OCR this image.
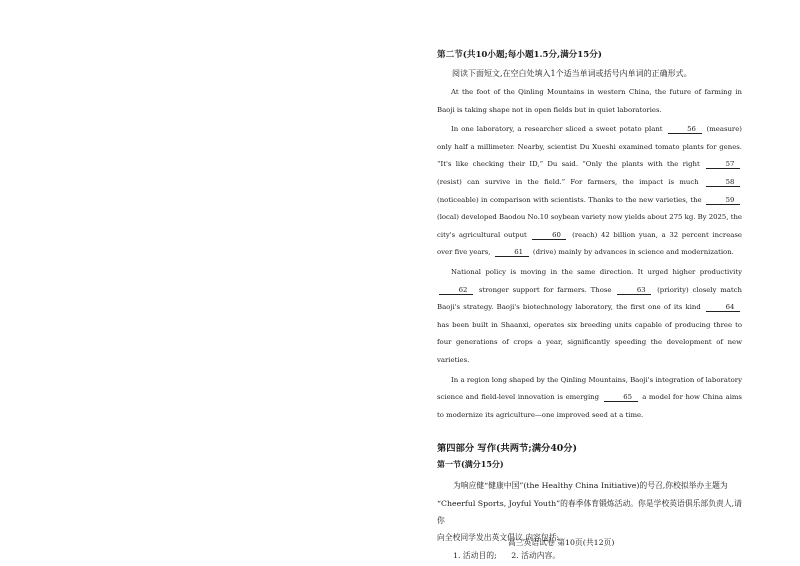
第二节(共10小题;每小题1.5分,满分15分)

阅读下面短文,在空白处填入1个适当单词或括号内单词的正确形式。

At the foot of the Qinling Mountains in western China, the future of farming in Baoji is taking shape not in open fields but in quiet laboratories.

In one laboratory, a researcher sliced a sweet potato plant	56 (measure) only half a millimeter. Nearby, scientist Du Xueshi examined tomato plants for genes. “It's like checking their ID,” Du said. “Only the plants with the right	57 (resist) can survive in the field.” For farmers, the impact is much	58 (noticeable) in comparison with scientists. Thanks to the new varieties, the	59 (local) developed Baodou No.10 soybean variety now yields about 275 kg. By 2025, the city's agricultural output	60 (reach) 42 billion yuan, a 32 percent increase over five years,	61 (drive) mainly by advances in science and modernization.

National policy is moving in the same direction. It urged higher productivity 62 stronger support for farmers. Those	63 (priority) closely match Baoji's strategy. Baoji's biotechnology laboratory, the first one of its kind	64 has been built in Shaanxi, operates six breeding units capable of producing three to four generations of crops a year, significantly speeding the development of new varieties.

In a region long shaped by the Qinling Mountains, Baoji's integration of laboratory science and field-level innovation is emerging	65 a model for how China aims to modernize its agriculture—one improved seed at a time.

第四部分 写作(共两节;满分40分)

第一节(满分15分)

为响应健“健康中国”(the Healthy China Initiative)的号召,你校拟举办主题为

“Cheerful Sports, Joyful Youth”的春季体育锻炼活动。你是学校英语俱乐部负责人,请你

向全校同学发出英文倡议,内容包括:

1. 活动目的; 2. 活动内容。

高三英语试卷 第10页(共12页)
